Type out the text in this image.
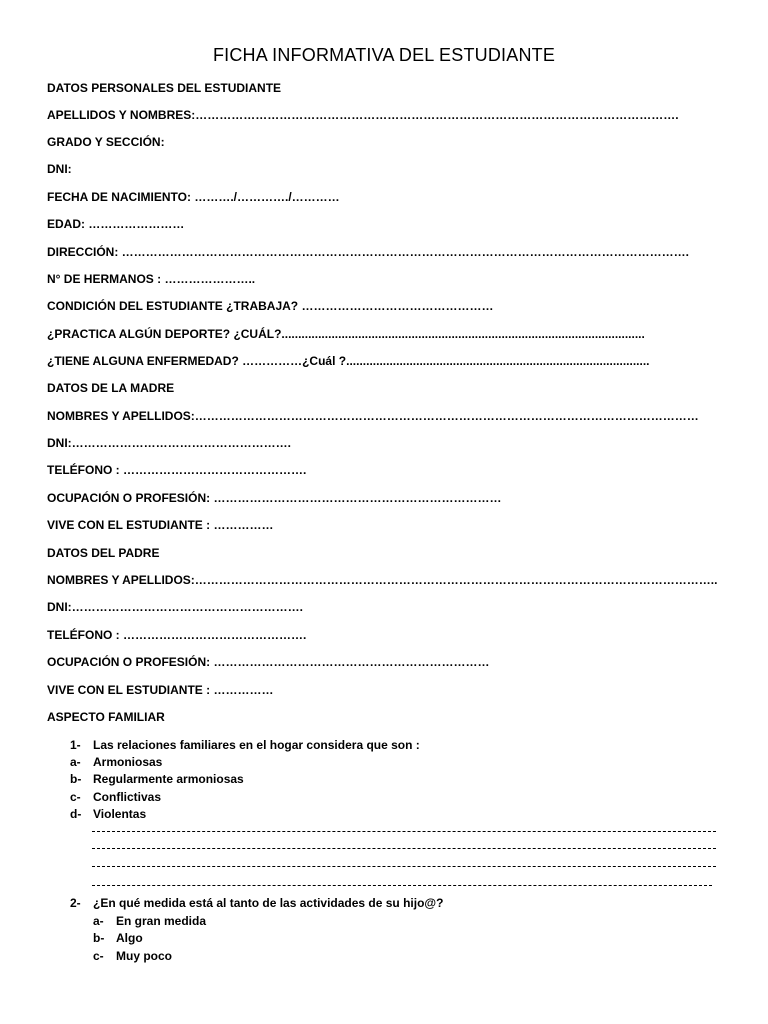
FICHA INFORMATIVA DEL ESTUDIANTE
DATOS PERSONALES DEL ESTUDIANTE
APELLIDOS Y NOMBRES:………………………………………………………………………………………………………….
GRADO Y SECCIÓN:
DNI:
FECHA DE NACIMIENTO: ………./…………./…………
EDAD: ……………………
DIRECCIÓN: …………………………………………………………………………………………………………………………….
N° DE HERMANOS : …………………..
CONDICIÓN DEL ESTUDIANTE ¿TRABAJA? …………………………………………
¿PRACTICA ALGÚN DEPORTE? ¿CUÁL?.............................................................................................................
¿TIENE ALGUNA ENFERMEDAD? ……………¿Cuál ?...........................................................................................
DATOS DE LA MADRE
NOMBRES Y APELLIDOS:………………………………………………………………………………………………………………
DNI:……………………………………………….
TELÉFONO : ……………………………………….
OCUPACIÓN O PROFESIÓN: ………………………………………………………………
VIVE CON EL ESTUDIANTE : ……………
DATOS DEL PADRE
NOMBRES Y APELLIDOS:…………………………………………………………………………………………………………………..
DNI:………………………………………………….
TELÉFONO : ……………………………………….
OCUPACIÓN O PROFESIÓN: ……………………………………………………………
VIVE CON EL ESTUDIANTE : ……………
ASPECTO FAMILIAR
1- Las relaciones familiares en el hogar considera que son :
a- Armoniosas
b- Regularmente armoniosas
c- Conflictivas
d- Violentas
2- ¿En qué medida está al tanto de las actividades de su hijo@?
a- En gran medida
b- Algo
c- Muy poco
